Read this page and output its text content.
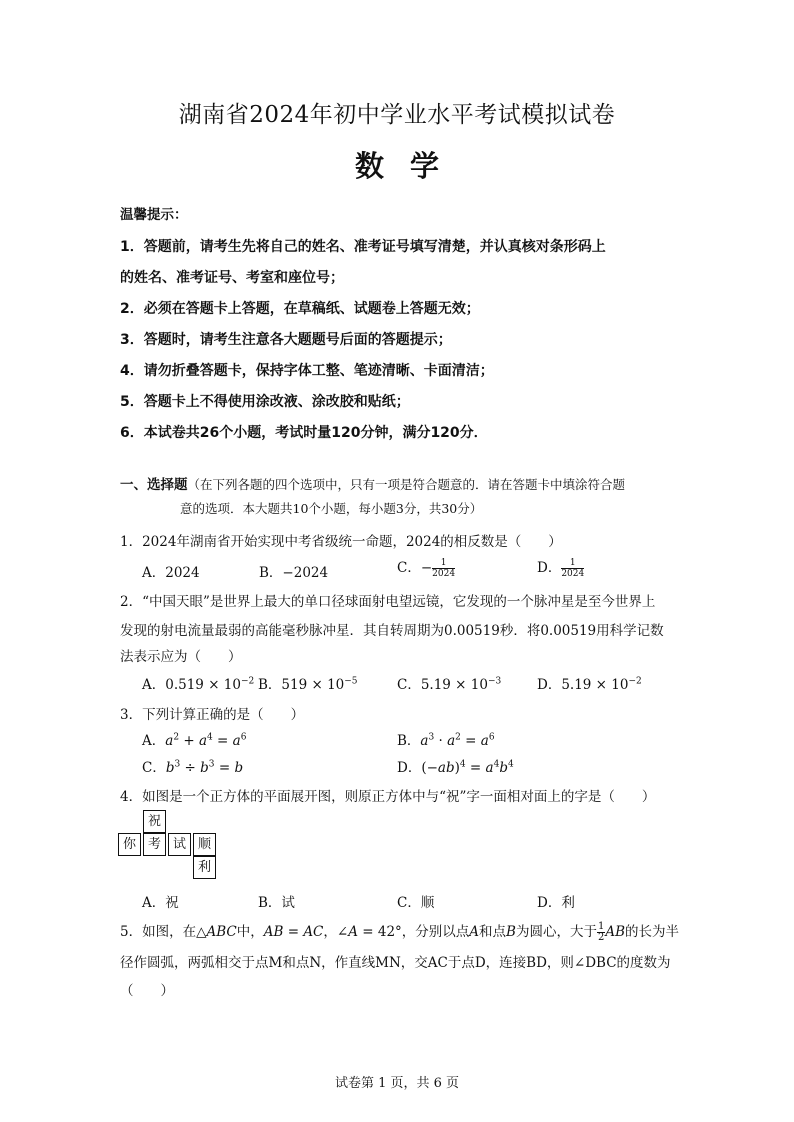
湖南省2024年初中学业水平考试模拟试卷
数学
温馨提示：
1．答题前，请考生先将自己的姓名、准考证号填写清楚，并认真核对条形码上
的姓名、准考证号、考室和座位号；
2．必须在答题卡上答题，在草稿纸、试题卷上答题无效；
3．答题时，请考生注意各大题题号后面的答题提示；
4．请勿折叠答题卡，保持字体工整、笔迹清晰、卡面清洁；
5．答题卡上不得使用涂改液、涂改胶和贴纸；
6．本试卷共26个小题，考试时量120分钟，满分120分．
一、选择题（在下列各题的四个选项中，只有一项是符合题意的．请在答题卡中填涂符合题
意的选项．本大题共10个小题，每小题3分，共30分）
1．2024年湖南省开始实现中考省级统一命题，2024的相反数是（　　）
A．2024	B．−2024	C．− $\frac{1}{2024}$	D． $\frac{1}{2024}$
2．“中国天眼”是世界上最大的单口径球面射电望远镜，它发现的一个脉冲星是至今世界上
发现的射电流量最弱的高能毫秒脉冲星．其自转周期为0.00519秒．将0.00519用科学记数
法表示应为（　　）
A．$0.519 \times 10^{-2}$ B．$519 \times 10^{-5}$	C．$5.19 \times 10^{-3}$	D．$5.19 \times 10^{-2}$
3．下列计算正确的是（　　）
A．$a^2 + a^4 = a^6$	B．$a^3 \cdot a^2 = a^6$
C．$b^3 \div b^3 = b$	D．$(-ab)^4 = a^4b^4$
4．如图是一个正方体的平面展开图，则原正方体中与“祝”字一面相对面上的字是（　　）
A．祝	B．试	C．顺	D．利
5．如图，在△ABC中，AB = AC，∠A = 42°，分别以点A和点B为圆心，大于 $\frac{1}{2}$ AB的长为半
径作圆弧，两弧相交于点M和点N，作直线MN，交AC于点D，连接BD，则∠DBC的度数为
（　　）
祝
你 考 试 顺
利
试卷第 1 页，共 6 页
